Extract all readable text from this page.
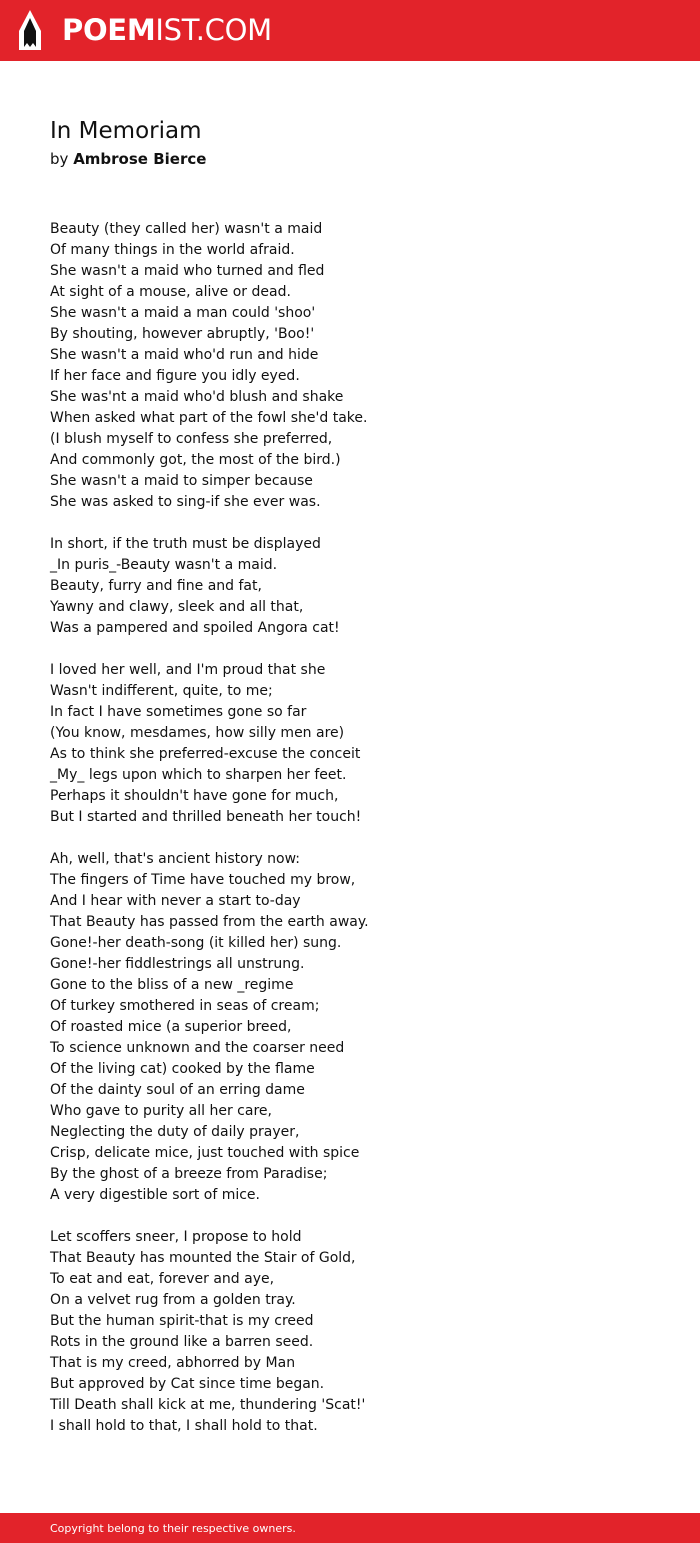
POEMIST.COM
In Memoriam
by Ambrose Bierce
Beauty (they called her) wasn't a maid
Of many things in the world afraid.
She wasn't a maid who turned and fled
At sight of a mouse, alive or dead.
She wasn't a maid a man could 'shoo'
By shouting, however abruptly, 'Boo!'
She wasn't a maid who'd run and hide
If her face and figure you idly eyed.
She was'nt a maid who'd blush and shake
When asked what part of the fowl she'd take.
(I blush myself to confess she preferred,
And commonly got, the most of the bird.)
She wasn't a maid to simper because
She was asked to sing-if she ever was.
In short, if the truth must be displayed
_In puris_-Beauty wasn't a maid.
Beauty, furry and fine and fat,
Yawny and clawy, sleek and all that,
Was a pampered and spoiled Angora cat!
I loved her well, and I'm proud that she
Wasn't indifferent, quite, to me;
In fact I have sometimes gone so far
(You know, mesdames, how silly men are)
As to think she preferred-excuse the conceit
_My_ legs upon which to sharpen her feet.
Perhaps it shouldn't have gone for much,
But I started and thrilled beneath her touch!
Ah, well, that's ancient history now:
The fingers of Time have touched my brow,
And I hear with never a start to-day
That Beauty has passed from the earth away.
Gone!-her death-song (it killed her) sung.
Gone!-her fiddlestrings all unstrung.
Gone to the bliss of a new _regime
Of turkey smothered in seas of cream;
Of roasted mice (a superior breed,
To science unknown and the coarser need
Of the living cat) cooked by the flame
Of the dainty soul of an erring dame
Who gave to purity all her care,
Neglecting the duty of daily prayer,
Crisp, delicate mice, just touched with spice
By the ghost of a breeze from Paradise;
A very digestible sort of mice.
Let scoffers sneer, I propose to hold
That Beauty has mounted the Stair of Gold,
To eat and eat, forever and aye,
On a velvet rug from a golden tray.
But the human spirit-that is my creed
Rots in the ground like a barren seed.
That is my creed, abhorred by Man
But approved by Cat since time began.
Till Death shall kick at me, thundering 'Scat!'
I shall hold to that, I shall hold to that.
Copyright belong to their respective owners.
